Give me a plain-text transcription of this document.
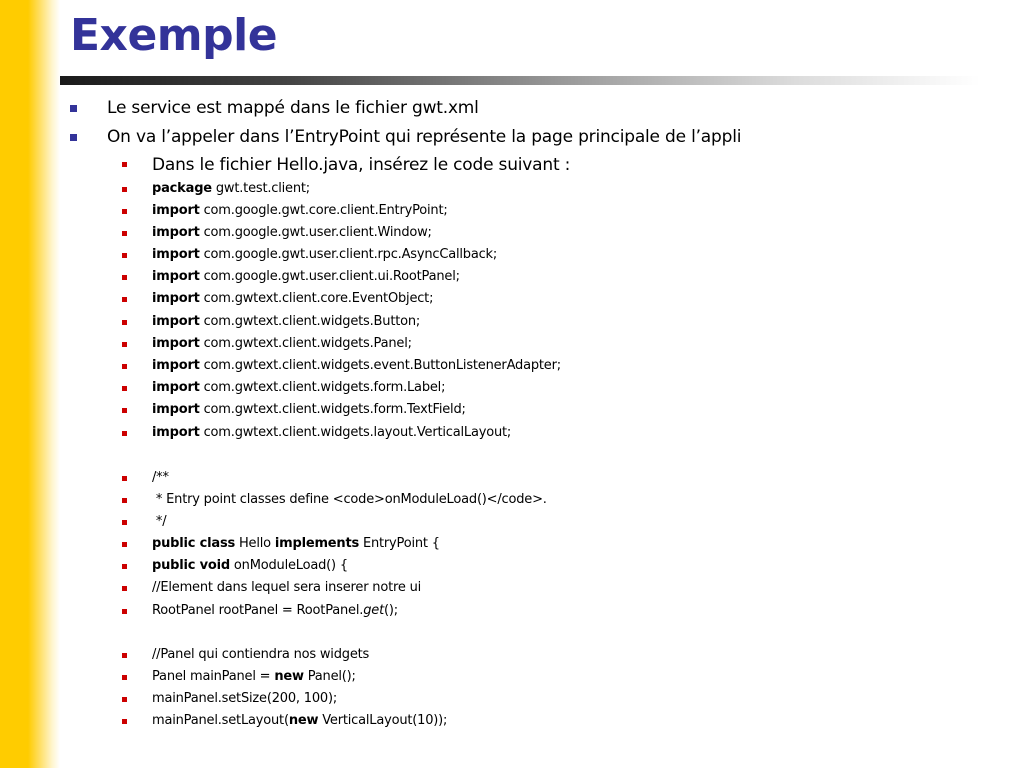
Exemple
Le service est mappé dans le fichier gwt.xml
On va l’appeler dans l’EntryPoint qui représente la page principale de l’appli
Dans le fichier Hello.java, insérez le code suivant :
package gwt.test.client;
import com.google.gwt.core.client.EntryPoint;
import com.google.gwt.user.client.Window;
import com.google.gwt.user.client.rpc.AsyncCallback;
import com.google.gwt.user.client.ui.RootPanel;
import com.gwtext.client.core.EventObject;
import com.gwtext.client.widgets.Button;
import com.gwtext.client.widgets.Panel;
import com.gwtext.client.widgets.event.ButtonListenerAdapter;
import com.gwtext.client.widgets.form.Label;
import com.gwtext.client.widgets.form.TextField;
import com.gwtext.client.widgets.layout.VerticalLayout;
/**
* Entry point classes define <code>onModuleLoad()</code>.
*/
public class Hello implements EntryPoint {
public void onModuleLoad() {
//Element dans lequel sera inserer notre ui
RootPanel rootPanel = RootPanel.get();
//Panel qui contiendra nos widgets
Panel mainPanel = new Panel();
mainPanel.setSize(200, 100);
mainPanel.setLayout(new VerticalLayout(10));
